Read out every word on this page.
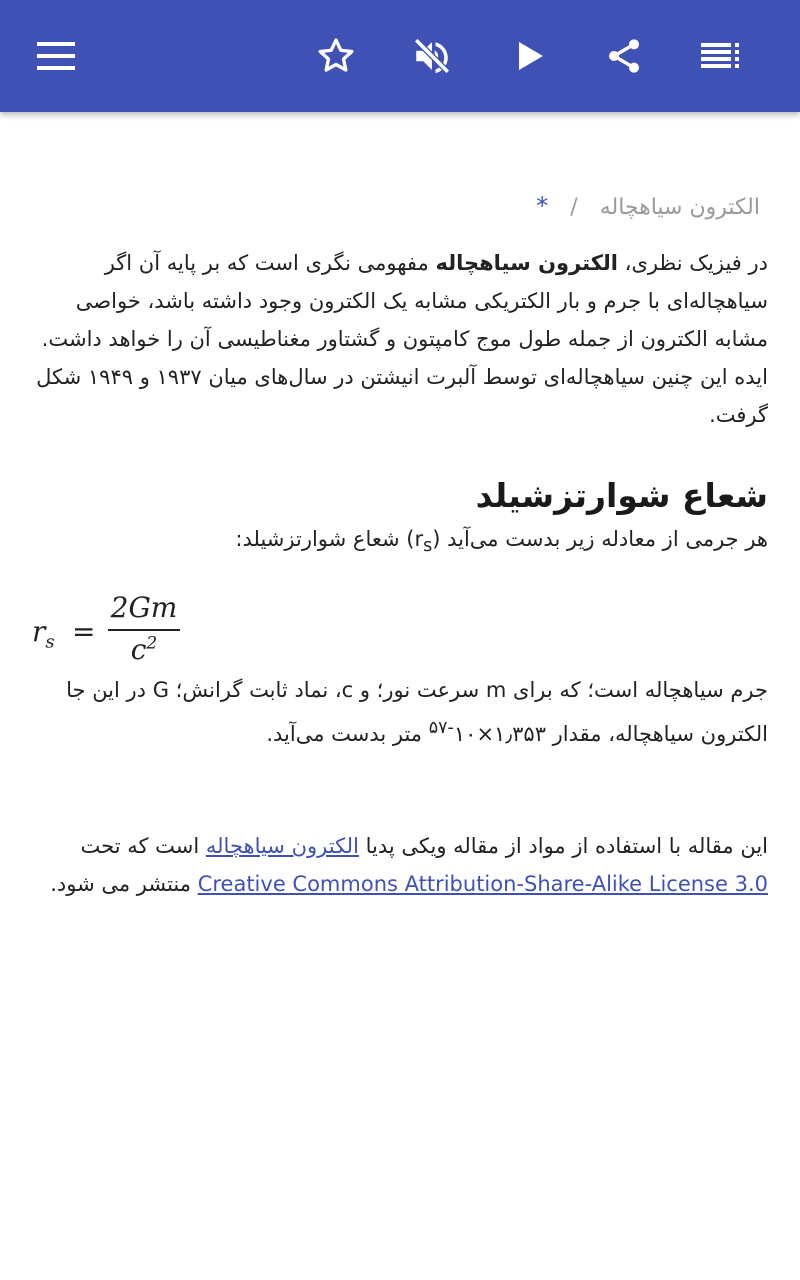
الکترون سیاهچاله/*

در فیزیک نظری، الکترون سیاهچاله مفهومی نگری است که بر پایه آن اگر سیاهچاله‌ای با جرم و بار الکتریکی مشابه یک الکترون وجود داشته باشد، خواصی مشابه الکترون از جمله طول موج کامپتون و گشتاور مغناطیسی آن را خواهد داشت. ایده این چنین سیاهچاله‌ای توسط آلبرت انیشتن در سال‌های میان ۱۹۳۷ و ۱۹۴۹ شکل گرفت.

شعاع شوارتزشیلد

هر جرمی از معادله زیر بدست می‌آید $(r_s)$ شعاع شوارتزشیلد:

$r_s$ =
2Gm
$c^2$

جرم سیاهچاله است؛ که برای m سرعت نور؛ و c، نماد ثابت گرانش؛ G در این جا الکترون سیاهچاله، مقدار $۱٫۳۵۳\times ۱۰^{-۵۷}$ متر بدست می‌آید.

این مقاله با استفاده از مواد از مقاله ویکی پدیا الکترون سیاهچاله است که تحت Creative Commons Attribution-Share-Alike License 3.0 منتشر می شود.
